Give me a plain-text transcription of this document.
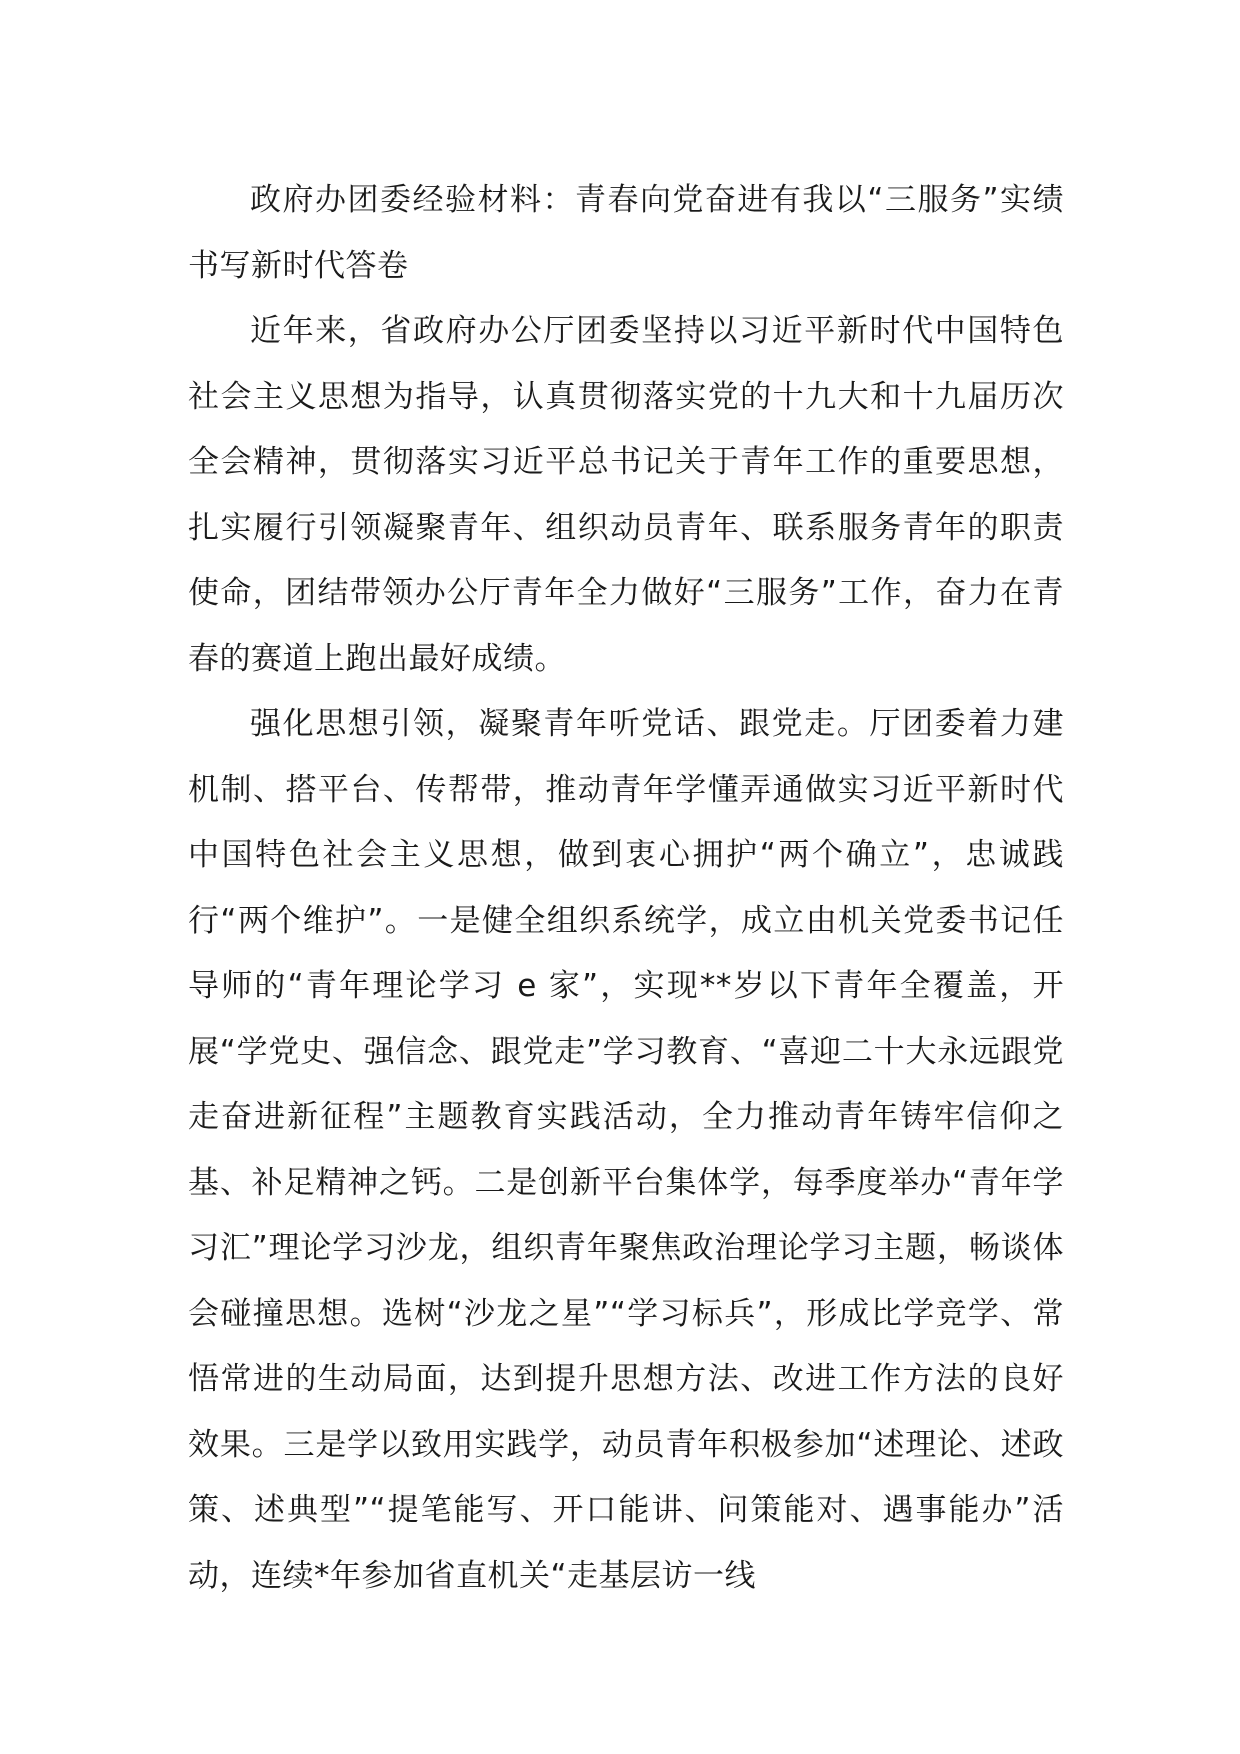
政府办团委经验材料：青春向党奋进有我以“三服务”实绩书写新时代答卷

近年来，省政府办公厅团委坚持以习近平新时代中国特色社会主义思想为指导，认真贯彻落实党的十九大和十九届历次全会精神，贯彻落实习近平总书记关于青年工作的重要思想，扎实履行引领凝聚青年、组织动员青年、联系服务青年的职责使命，团结带领办公厅青年全力做好“三服务”工作，奋力在青春的赛道上跑出最好成绩。

强化思想引领，凝聚青年听党话、跟党走。厅团委着力建机制、搭平台、传帮带，推动青年学懂弄通做实习近平新时代中国特色社会主义思想，做到衷心拥护“两个确立”，忠诚践行“两个维护”。一是健全组织系统学，成立由机关党委书记任导师的“青年理论学习 e 家”，实现**岁以下青年全覆盖，开展“学党史、强信念、跟党走”学习教育、“喜迎二十大永远跟党走奋进新征程”主题教育实践活动，全力推动青年铸牢信仰之基、补足精神之钙。二是创新平台集体学，每季度举办“青年学习汇”理论学习沙龙，组织青年聚焦政治理论学习主题，畅谈体会碰撞思想。选树“沙龙之星”“学习标兵”，形成比学竞学、常悟常进的生动局面，达到提升思想方法、改进工作方法的良好效果。三是学以致用实践学，动员青年积极参加“述理论、述政策、述典型”“提笔能写、开口能讲、问策能对、遇事能办”活动，连续*年参加省直机关“走基层访一线
